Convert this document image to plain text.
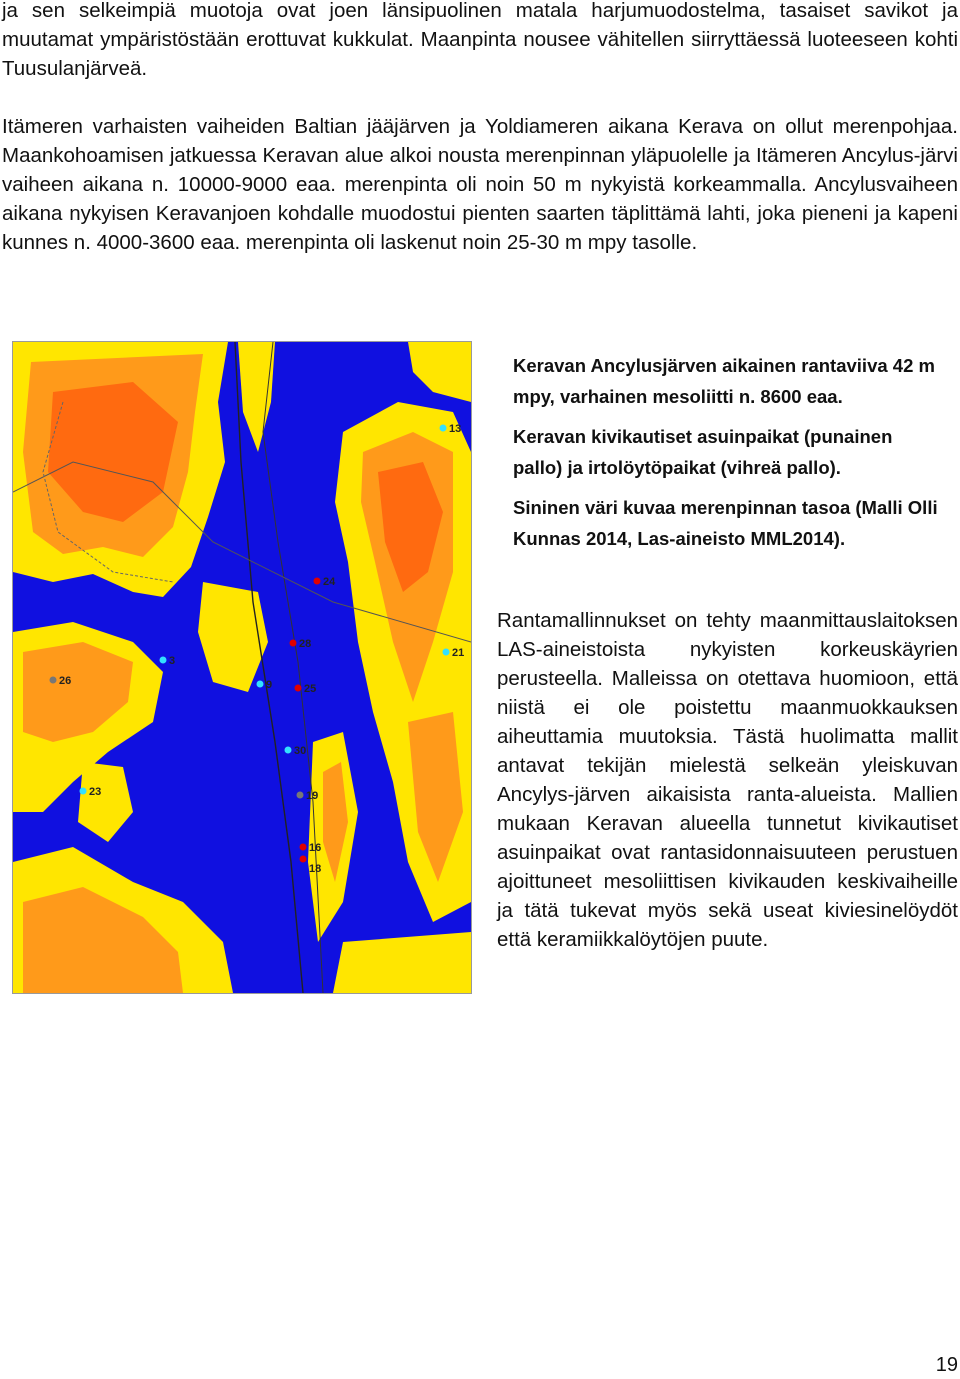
ja sen selkeimpiä muotoja ovat joen länsipuolinen matala harjumuodostelma, tasaiset savikot ja muutamat ympäristöstään erottuvat kukkulat. Maanpinta nousee vähitellen siirryttäessä luoteeseen kohti Tuusulanjärveä.

Itämeren varhaisten vaiheiden Baltian jääjärven ja Yoldiameren aikana Kerava on ollut merenpohjaa. Maankohoamisen jatkuessa Keravan alue alkoi nousta merenpinnan yläpuolelle ja Itämeren Ancylus-järvi vaiheen aikana n. 10000-9000 eaa. merenpinta oli noin 50 m nykyistä korkeammalla. Ancylusvaiheen aikana nykyisen Keravanjoen kohdalle muodostui pienten saarten täplittämä lahti, joka pieneni ja kapeni kunnes n. 4000-3600 eaa. merenpinta oli laskenut noin 25-30 m mpy tasolle.

13
24
28
21
3
26	9	25
30
23	19
16
18

Keravan Ancylusjärven aikainen rantaviiva 42 m mpy, varhainen mesoliitti n. 8600 eaa.

Keravan kivikautiset asuinpaikat (punainen pallo) ja irtolöytöpaikat (vihreä pallo).

Sininen väri kuvaa merenpinnan tasoa (Malli Olli Kunnas 2014, Las-aineisto MML2014).

Rantamallinnukset on tehty maanmittauslaitoksen LAS-aineistoista nykyisten korkeuskäyrien perusteella. Malleissa on otettava huomioon, että niistä ei ole poistettu maanmuokkauksen aiheuttamia muutoksia. Tästä huolimatta mallit antavat tekijän mielestä selkeän yleiskuvan Ancylys-järven aikaisista ranta-alueista. Mallien mukaan Keravan alueella tunnetut kivikautiset asuinpaikat ovat rantasidonnaisuuteen perustuen ajoittuneet mesoliittisen kivikauden keskivaiheille ja tätä tukevat myös sekä useat kiviesinelöydöt että keramiikkalöytöjen puute.

19
